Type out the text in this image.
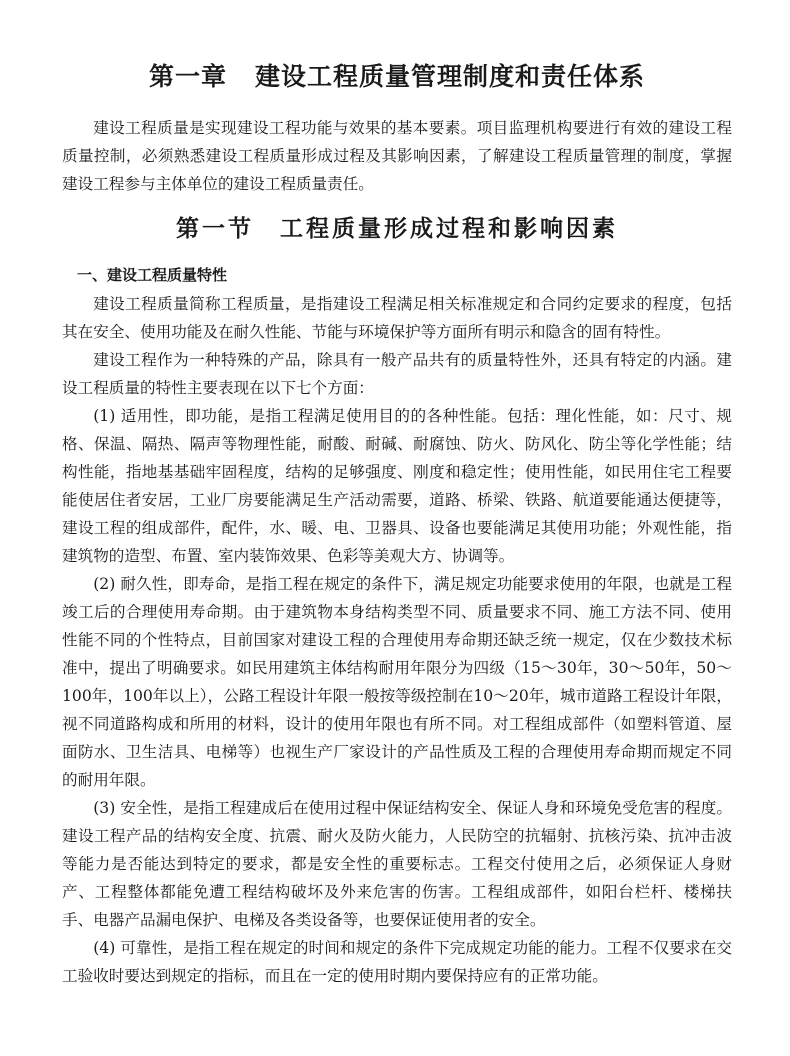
第一章 建设工程质量管理制度和责任体系

建设工程质量是实现建设工程功能与效果的基本要素。项目监理机构要进行有效的建设工程质量控制，必须熟悉建设工程质量形成过程及其影响因素，了解建设工程质量管理的制度，掌握建设工程参与主体单位的建设工程质量责任。

第一节 工程质量形成过程和影响因素
一、建设工程质量特性

建设工程质量简称工程质量，是指建设工程满足相关标准规定和合同约定要求的程度，包括其在安全、使用功能及在耐久性能、节能与环境保护等方面所有明示和隐含的固有特性。

建设工程作为一种特殊的产品，除具有一般产品共有的质量特性外，还具有特定的内涵。建设工程质量的特性主要表现在以下七个方面：

(1) 适用性，即功能，是指工程满足使用目的的各种性能。包括：理化性能，如：尺寸、规格、保温、隔热、隔声等物理性能，耐酸、耐碱、耐腐蚀、防火、防风化、防尘等化学性能；结构性能，指地基基础牢固程度，结构的足够强度、刚度和稳定性；使用性能，如民用住宅工程要能使居住者安居，工业厂房要能满足生产活动需要，道路、桥梁、铁路、航道要能通达便捷等，建设工程的组成部件，配件，水、暖、电、卫器具、设备也要能满足其使用功能；外观性能，指建筑物的造型、布置、室内装饰效果、色彩等美观大方、协调等。

(2) 耐久性，即寿命，是指工程在规定的条件下，满足规定功能要求使用的年限，也就是工程竣工后的合理使用寿命期。由于建筑物本身结构类型不同、质量要求不同、施工方法不同、使用性能不同的个性特点，目前国家对建设工程的合理使用寿命期还缺乏统一规定，仅在少数技术标准中，提出了明确要求。如民用建筑主体结构耐用年限分为四级（15～30年，30～50年，50～100年，100年以上），公路工程设计年限一般按等级控制在10～20年，城市道路工程设计年限，视不同道路构成和所用的材料，设计的使用年限也有所不同。对工程组成部件（如塑料管道、屋面防水、卫生洁具、电梯等）也视生产厂家设计的产品性质及工程的合理使用寿命期而规定不同的耐用年限。

(3) 安全性，是指工程建成后在使用过程中保证结构安全、保证人身和环境免受危害的程度。建设工程产品的结构安全度、抗震、耐火及防火能力，人民防空的抗辐射、抗核污染、抗冲击波等能力是否能达到特定的要求，都是安全性的重要标志。工程交付使用之后，必须保证人身财产、工程整体都能免遭工程结构破坏及外来危害的伤害。工程组成部件，如阳台栏杆、楼梯扶手、电器产品漏电保护、电梯及各类设备等，也要保证使用者的安全。

(4) 可靠性，是指工程在规定的时间和规定的条件下完成规定功能的能力。工程不仅要求在交工验收时要达到规定的指标，而且在一定的使用时期内要保持应有的正常功能。
